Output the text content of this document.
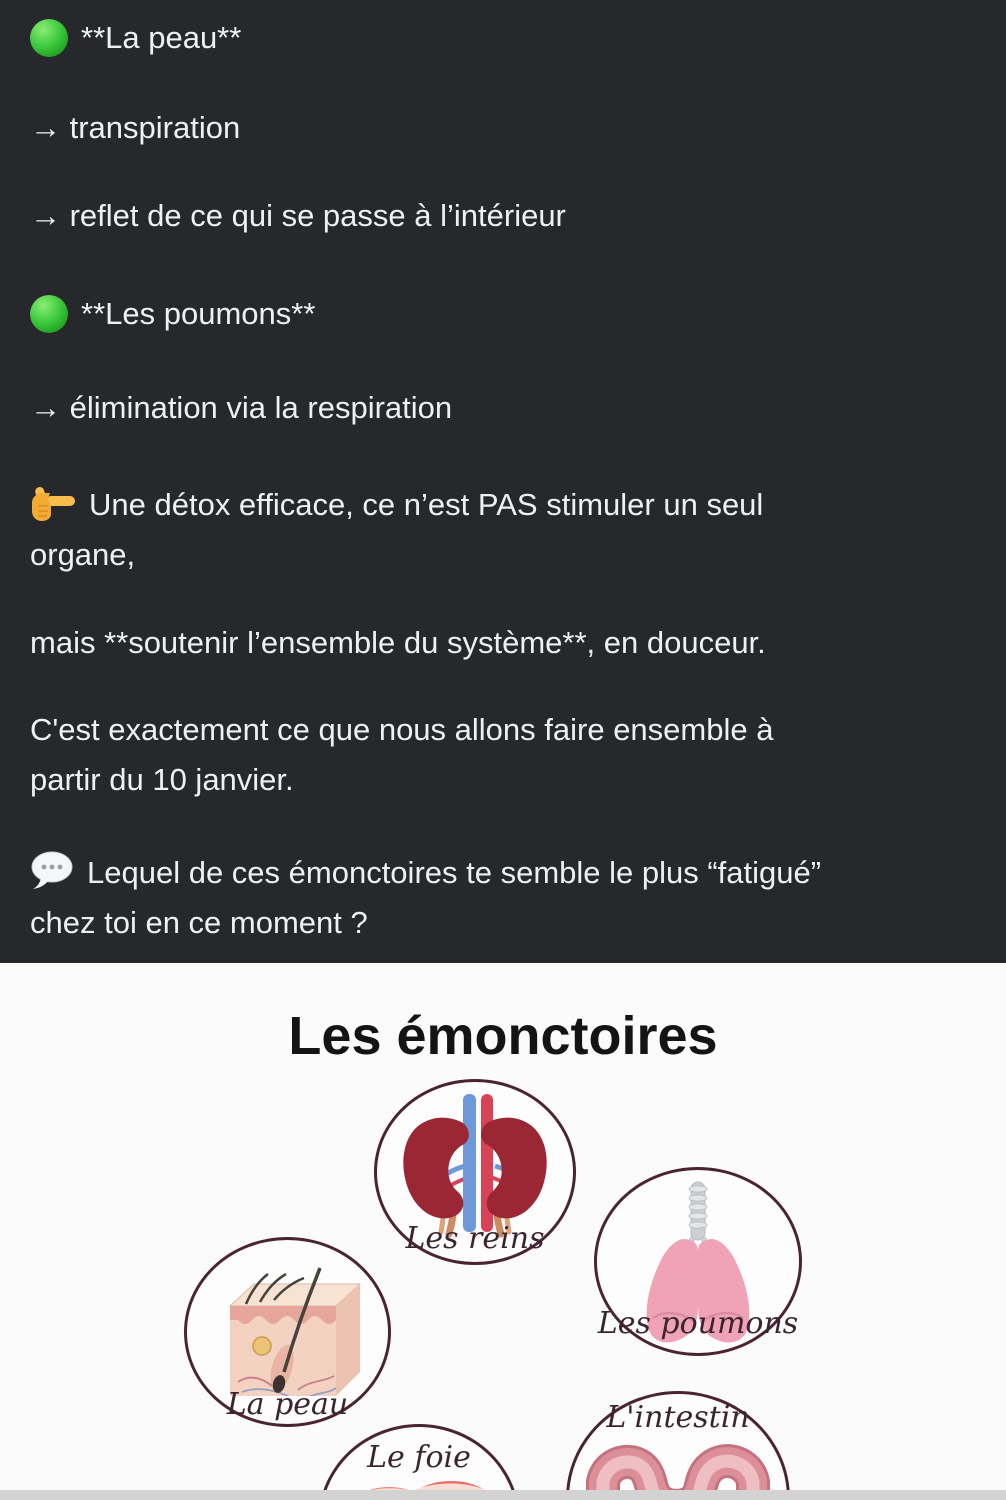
**La peau**

→ transpiration

→ reflet de ce qui se passe à l’intérieur

**Les poumons**

→ élimination via la respiration

Une détox efficace, ce n’est PAS stimuler un seul organe,

mais **soutenir l’ensemble du système**, en douceur.

C'est exactement ce que nous allons faire ensemble à partir du 10 janvier.

Lequel de ces émonctoires te semble le plus “fatigué” chez toi en ce moment ?

Les émonctoires
Les reins
Les poumons
La peau
Le foie
L'intestin
